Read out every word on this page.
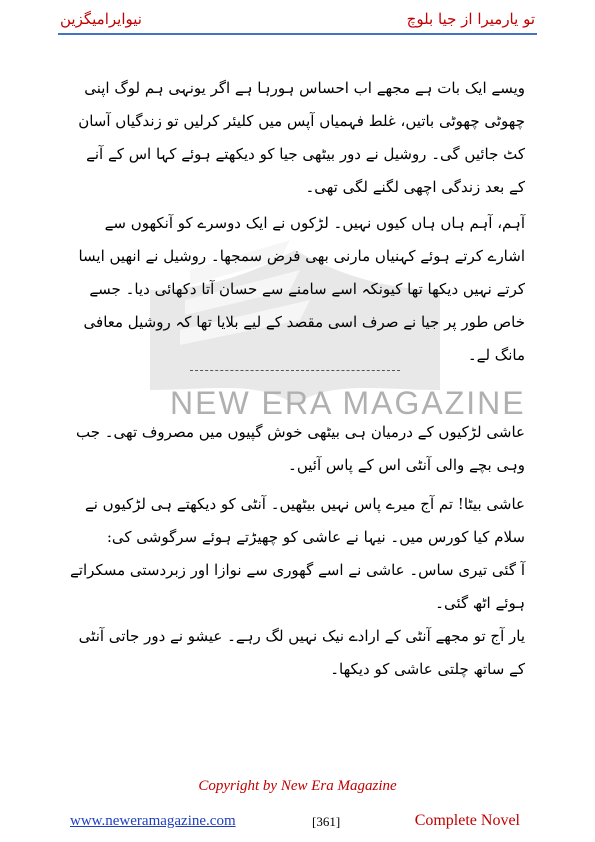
نیوایرامیگزین	تو یارمیرا از جیا بلوچ
NEW ERA MAGAZINE

ویسے ایک بات ہے مجھے اب احساس ہورہا ہے اگر یونہی ہم لوگ اپنی چھوٹی چھوٹی باتیں، غلط فہمیاں آپس میں کلیئر کرلیں تو زندگیاں آسان کٹ جائیں گی۔ روشیل نے دور بیٹھی جیا کو دیکھتے ہوئے کہا اس کے آنے کے بعد زندگی اچھی لگنے لگی تھی۔

آہم، آہم ہاں ہاں کیوں نہیں۔ لڑکوں نے ایک دوسرے کو آنکھوں سے اشارے کرتے ہوئے کہنیاں مارنی بھی فرض سمجھا۔ روشیل نے انھیں ایسا کرتے نہیں دیکھا تھا کیونکہ اسے سامنے سے حسان آتا دکھائی دیا۔ جسے خاص طور پر جیا نے صرف اسی مقصد کے لیے بلایا تھا کہ روشیل معافی مانگ لے۔

عاشی لڑکیوں کے درمیان ہی بیٹھی خوش گپیوں میں مصروف تھی۔ جب وہی بچے والی آنٹی اس کے پاس آئیں۔

عاشی بیٹا! تم آج میرے پاس نہیں بیٹھیں۔ آنٹی کو دیکھتے ہی لڑکیوں نے سلام کیا کورس میں۔ نیہا نے عاشی کو چھیڑتے ہوئے سرگوشی کی:

آ گئی تیری ساس۔ عاشی نے اسے گھوری سے نوازا اور زبردستی مسکراتے ہوئے اٹھ گئی۔

یار آج تو مجھے آنٹی کے ارادے نیک نہیں لگ رہے۔ عیشو نے دور جاتی آنٹی کے ساتھ چلتی عاشی کو دیکھا۔

Copyright by New Era Magazine
www.neweramagazine.com	[361]	Complete Novel
